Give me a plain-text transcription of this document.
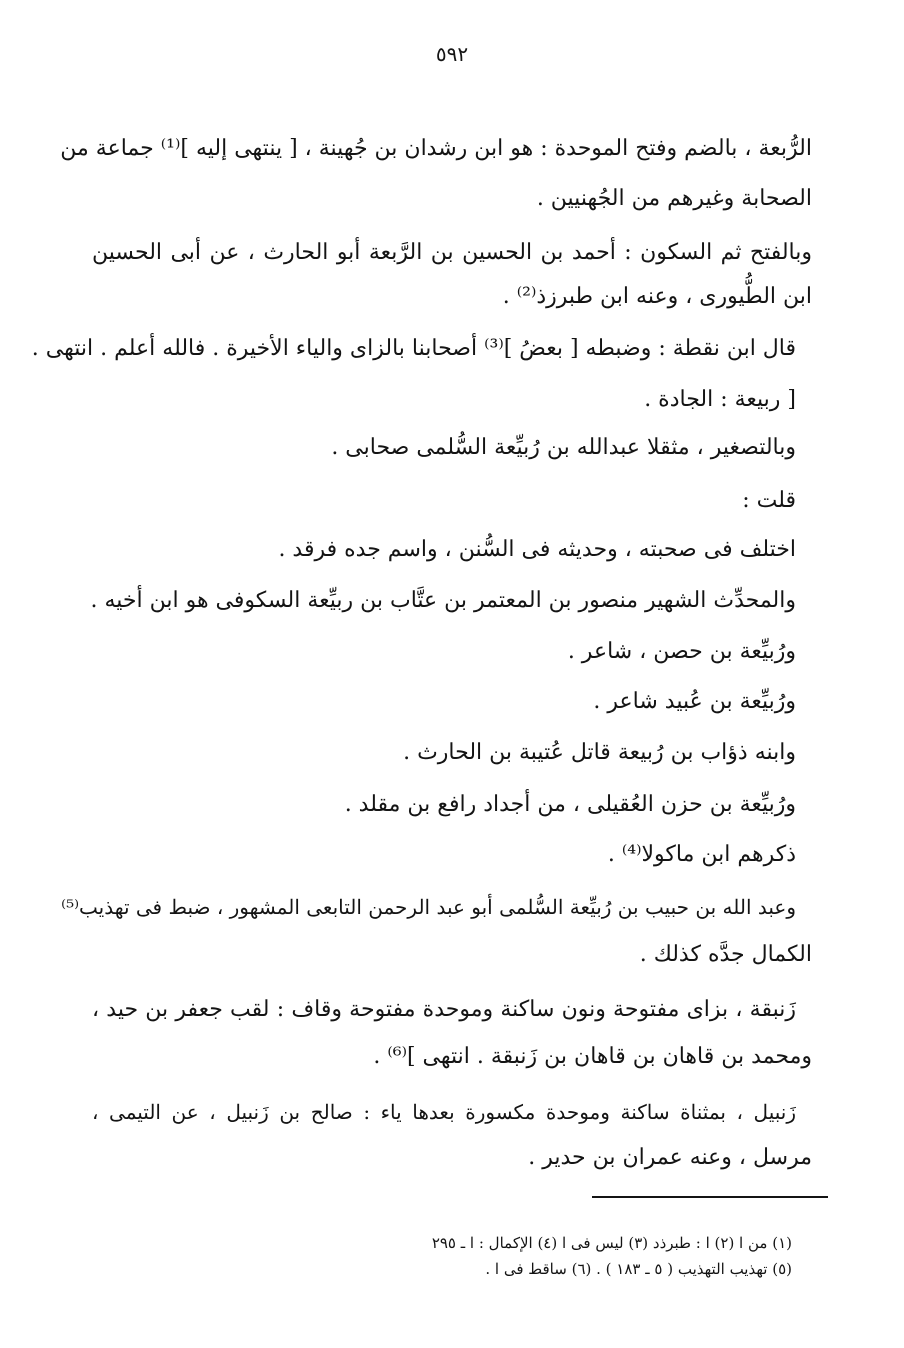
٥٩٢
الرُّبعة ، بالضم وفتح الموحدة : هو ابن رشدان بن جُهينة ، [ ينتهى إليه ]⁽¹⁾ جماعة من
الصحابة وغيرهم من الجُهنيين .
وبالفتح ثم السكون : أحمد بن الحسين بن الرَّبعة أبو الحارث ، عن أبى الحسين
ابن الطُّيورى ، وعنه ابن طبرزذ⁽²⁾ .
قال ابن نقطة : وضبطه [ بعضُ ]⁽³⁾ أصحابنا بالزاى والياء الأخيرة . فالله أعلم . انتهى .
[ ربيعة : الجادة .
وبالتصغير ، مثقلا عبدالله بن رُبيِّعة السُّلمى صحابى .
قلت :
اختلف فى صحبته ، وحديثه فى السُّنن ، واسم جده فرقد .
والمحدِّث الشهير منصور بن المعتمر بن عتَّاب بن ربيِّعة السكوفى هو ابن أخيه .
ورُبيِّعة بن حصن ، شاعر .
ورُبيِّعة بن عُبيد شاعر .
وابنه ذؤاب بن رُبيعة قاتل عُتيبة بن الحارث .
ورُبيِّعة بن حزن العُقيلى ، من أجداد رافع بن مقلد .
ذكرهم ابن ماكولا⁽⁴⁾ .
وعبد الله بن حبيب بن رُبيِّعة السُّلمى أبو عبد الرحمن التابعى المشهور ، ضبط فى تهذيب⁽⁵⁾
الكمال جدَّه كذلك .
زَنبقة ، بزاى مفتوحة ونون ساكنة وموحدة مفتوحة وقاف : لقب جعفر بن حيد ،
ومحمد بن قاهان بن قاهان بن زَنبقة . انتهى ]⁽⁶⁾ .
زَنبيل ، بمثناة ساكنة وموحدة مكسورة بعدها ياء : صالح بن زَنبيل ، عن التيمى ،
مرسل ، وعنه عمران بن حدير .
(١) من ا (٢) ا : طبرذد (٣) ليس فى ا (٤) الإكمال : ا ـ ٢٩٥
(٥) تهذيب التهذيب ( ٥ ـ ١٨٣ ) . (٦) ساقط فى ا .
